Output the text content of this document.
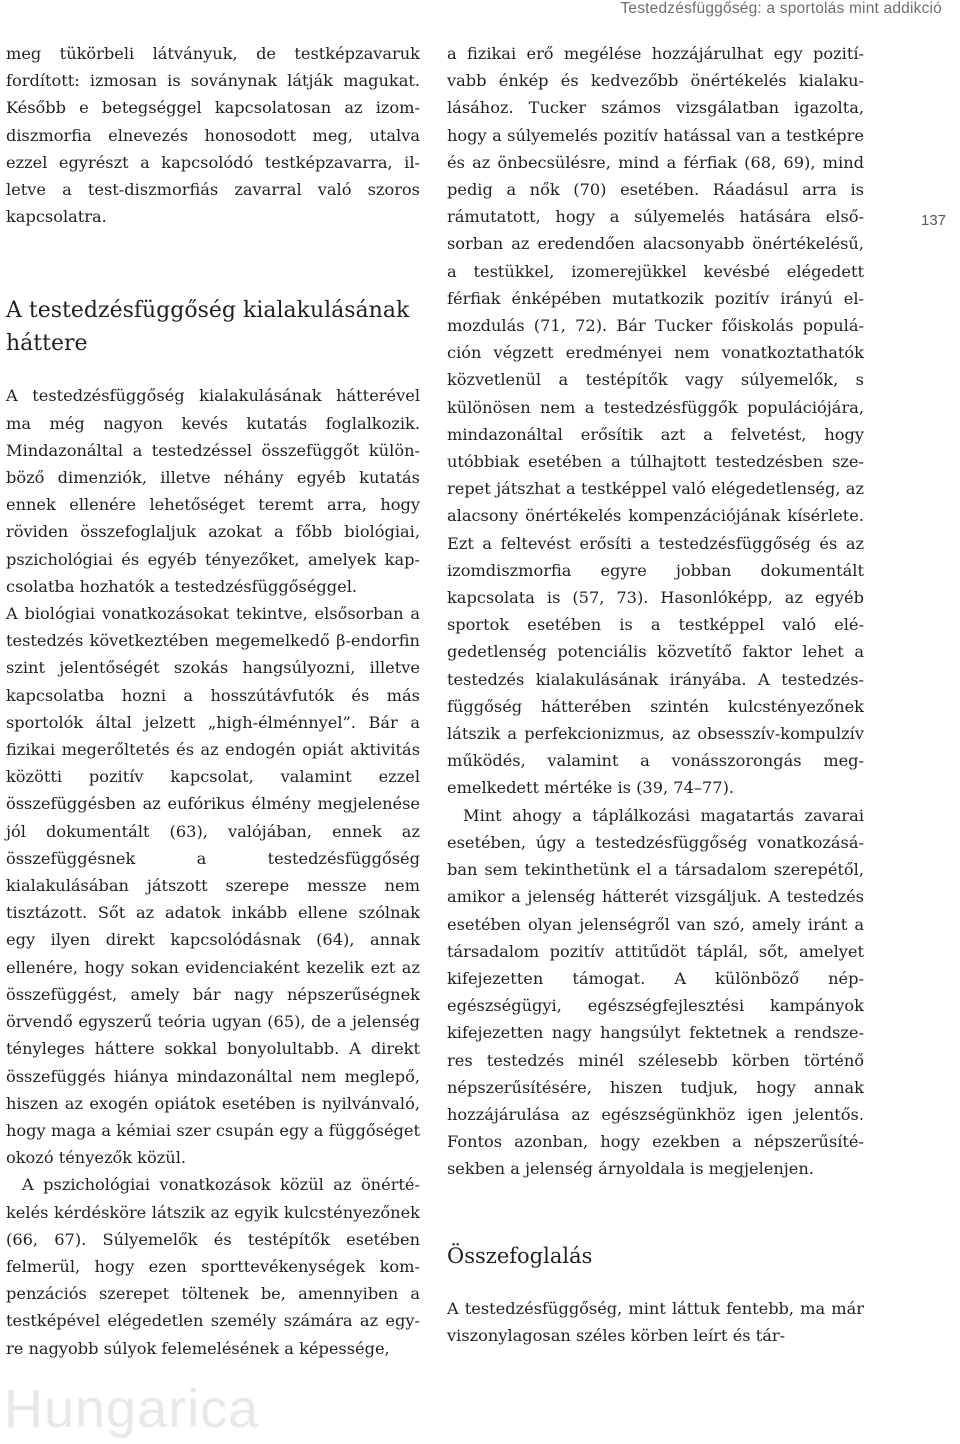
Testedzésfüggőség: a sportolás mint addikció

meg tükörbeli látványuk, de testképzavaruk fordított: izmosan is soványnak látják magukat. Később e betegséggel kapcsolatosan az izomdiszmorfia elnevezés honosodott meg, utalva ezzel egyrészt a kapcsolódó testképzavarra, illetve a test-diszmorfiás zavarral való szoros kapcsolatra.

A testedzésfüggőség kialakulásának háttere

A testedzésfüggőség kialakulásának hátterével ma még nagyon kevés kutatás foglalkozik. Mindazonáltal a testedzéssel összefüggőt különböző dimenziók, illetve néhány egyéb kutatás ennek ellenére lehetőséget teremt arra, hogy röviden összefoglaljuk azokat a főbb biológiai, pszichológiai és egyéb tényezőket, amelyek kapcsolatba hozhatók a testedzésfüggőséggel.

A biológiai vonatkozásokat tekintve, elsősorban a testedzés következtében megemelkedő β-endorfin szint jelentőségét szokás hangsúlyozni, illetve kapcsolatba hozni a hosszútávfutók és más sportolók által jelzett „high-élménnyel”. Bár a fizikai megerőltetés és az endogén opiát aktivitás közötti pozitív kapcsolat, valamint ezzel összefüggésben az eufórikus élmény megjelenése jól dokumentált (63), valójában, ennek az összefüggésnek a testedzésfüggőség kialakulásában játszott szerepe messze nem tisztázott. Sőt az adatok inkább ellene szólnak egy ilyen direkt kapcsolódásnak (64), annak ellenére, hogy sokan evidenciaként kezelik ezt az összefüggést, amely bár nagy népszerűségnek örvendő egyszerű teória ugyan (65), de a jelenség tényleges háttere sokkal bonyolultabb. A direkt összefüggés hiánya mindazonáltal nem meglepő, hiszen az exogén opiátok esetében is nyilvánvaló, hogy maga a kémiai szer csupán egy a függőséget okozó tényezők közül.

A pszichológiai vonatkozások közül az önértékelés kérdésköre látszik az egyik kulcstényezőnek (66, 67). Súlyemelők és testépítők esetében felmerül, hogy ezen sporttevékenységek kompenzációs szerepet töltenek be, amennyiben a testképével elégedetlen személy számára az egyre nagyobb súlyok felemelésének a képessége,

a fizikai erő megélése hozzájárulhat egy pozitívabb énkép és kedvezőbb önértékelés kialakulásához. Tucker számos vizsgálatban igazolta, hogy a súlyemelés pozitív hatással van a testképre és az önbecsülésre, mind a férfiak (68, 69), mind pedig a nők (70) esetében. Ráadásul arra is rámutatott, hogy a súlyemelés hatására elsősorban az eredendően alacsonyabb önértékelésű, a testükkel, izomerejükkel kevésbé elégedett férfiak énképében mutatkozik pozitív irányú elmozdulás (71, 72). Bár Tucker főiskolás populáción végzett eredményei nem vonatkoztathatók közvetlenül a testépítők vagy súlyemelők, s különösen nem a testedzésfüggők populációjára, mindazonáltal erősítik azt a felvetést, hogy utóbbiak esetében a túlhajtott testedzésben szerepet játszhat a testképpel való elégedetlenség, az alacsony önértékelés kompenzációjának kísérlete. Ezt a feltevést erősíti a testedzésfüggőség és az izomdiszmorfia egyre jobban dokumentált kapcsolata is (57, 73). Hasonlóképp, az egyéb sportok esetében is a testképpel való elégedetlenség potenciális közvetítő faktor lehet a testedzés kialakulásának irányába. A testedzésfüggőség hátterében szintén kulcstényezőnek látszik a perfekcionizmus, az obsesszív-kompulzív működés, valamint a vonásszorongás megemelkedett mértéke is (39, 74–77).

Mint ahogy a táplálkozási magatartás zavarai esetében, úgy a testedzésfüggőség vonatkozásában sem tekinthetünk el a társadalom szerepétől, amikor a jelenség hátterét vizsgáljuk. A testedzés esetében olyan jelenségről van szó, amely iránt a társadalom pozitív attitűdöt táplál, sőt, amelyet kifejezetten támogat. A különböző népegészségügyi, egészségfejlesztési kampányok kifejezetten nagy hangsúlyt fektetnek a rendszeres testedzés minél szélesebb körben történő népszerűsítésére, hiszen tudjuk, hogy annak hozzájárulása az egészségünkhöz igen jelentős. Fontos azonban, hogy ezekben a népszerűsítésekben a jelenség árnyoldala is megjelenjen.

Összefoglalás

A testedzésfüggőség, mint láttuk fentebb, ma már viszonylagosan széles körben leírt és tár-

137
Hungarica
